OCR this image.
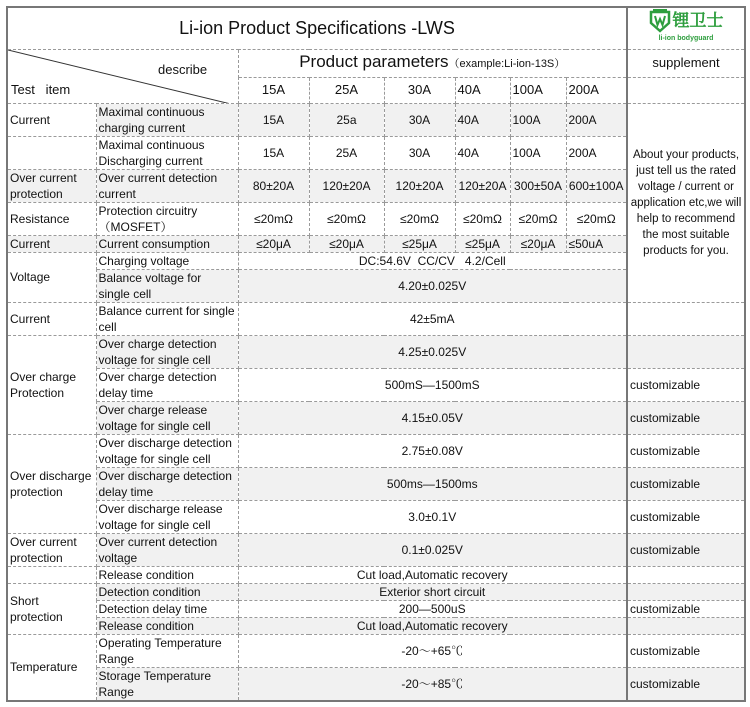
Li-ion Product Specifications -LWS								锂卫士
li-ion bodyguard

describe
Test   item		Product parameters（example:Li-ion-13S）						supplement
		15A	25A	30A	40A	100A	200A	
Current	Maximal continuous charging current	15A	25a	30A	40A	100A	200A	About your products, just tell us the rated voltage / current or application etc,we will help to recommend the most suitable products for you.
	Maximal continuous Discharging current	15A	25A	30A	40A	100A	200A	
Over current protection	Over current detection current	80±20A	120±20A	120±20A	120±20A	300±50A	600±100A	
Resistance	Protection circuitry （MOSFET）	≤20mΩ	≤20mΩ	≤20mΩ	≤20mΩ	≤20mΩ	≤20mΩ	
Current	Current consumption	≤20μA	≤20μA	≤25μA	≤25μA	≤20μA	≤50uA	
Voltage	Charging voltage	DC:54.6V  CC/CV   4.2/Cell						
	Balance voltage for single cell	4.20±0.025V						
Current	Balance current for single cell	42±5mA						
Over charge Protection	Over charge detection voltage for single cell	4.25±0.025V						
	Over charge detection delay time	500mS—1500mS						customizable
	Over charge release voltage for single cell	4.15±0.05V						customizable
Over discharge protection	Over discharge detection voltage for single cell	2.75±0.08V						customizable
	Over discharge detection delay time	500ms—1500ms						customizable
	Over discharge release voltage for single cell	3.0±0.1V						customizable
Over current protection	Over current detection voltage	0.1±0.025V						customizable
	Release condition	Cut load,Automatic recovery						
Short protection	Detection condition	Exterior short circuit						
	Detection delay time	200—500uS						customizable
	Release condition	Cut load,Automatic recovery						
Temperature	Operating Temperature Range	-20～+65℃						customizable
	Storage Temperature Range	-20～+85℃						customizable
